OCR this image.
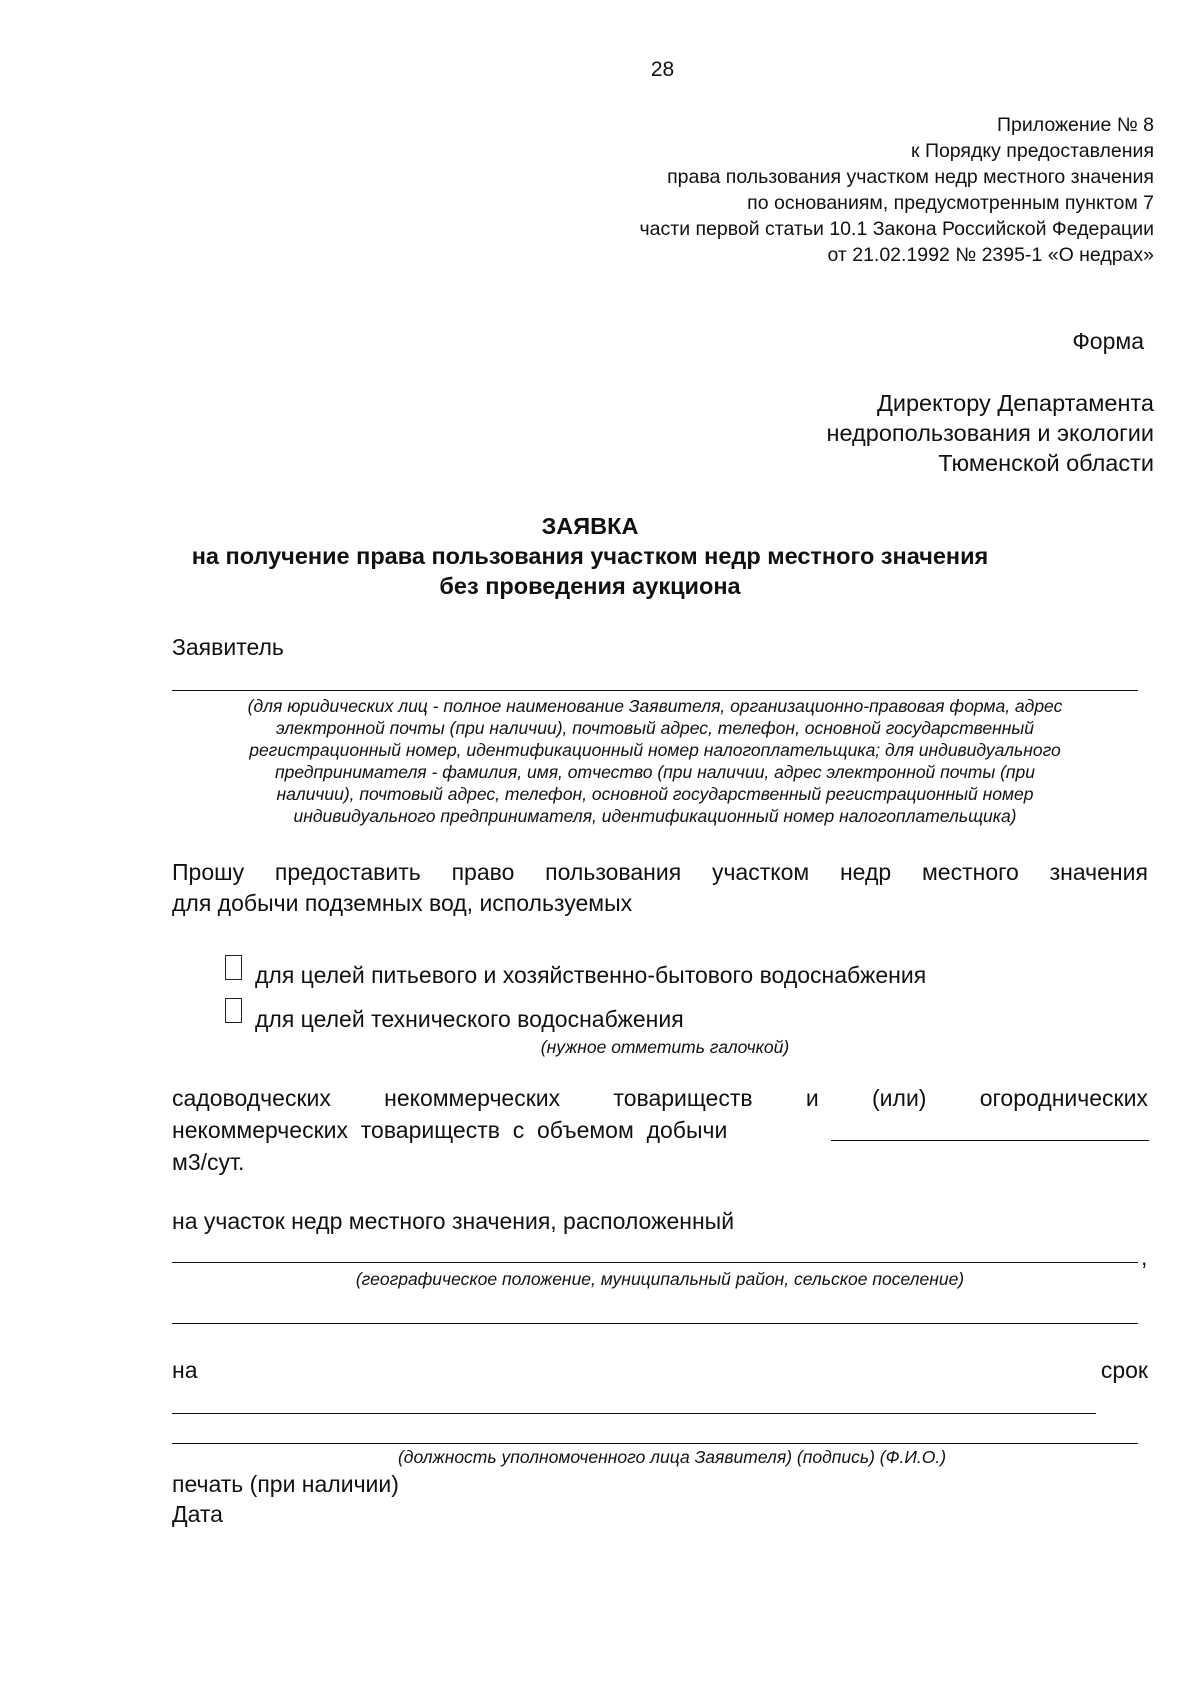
28
Приложение № 8
к Порядку предоставления
права пользования участком недр местного значения
по основаниям, предусмотренным пунктом 7
части первой статьи 10.1 Закона Российской Федерации
от 21.02.1992 № 2395-1 «О недрах»
Форма
Директору Департамента
недропользования и экологии
Тюменской области
ЗАЯВКА
на получение права пользования участком недр местного значения
без проведения аукциона
Заявитель
(для юридических лиц - полное наименование Заявителя, организационно-правовая форма, адрес
электронной почты (при наличии), почтовый адрес, телефон, основной государственный
регистрационный номер, идентификационный номер налогоплательщика; для индивидуального
предпринимателя - фамилия, имя, отчество (при наличии, адрес электронной почты (при
наличии), почтовый адрес, телефон, основной государственный регистрационный номер
индивидуального предпринимателя, идентификационный номер налогоплательщика)
Прошу предоставить право пользования участком недр местного значения
для добычи подземных вод, используемых
для целей питьевого и хозяйственно-бытового водоснабжения
для целей технического водоснабжения
(нужное отметить галочкой)
садоводческих некоммерческих товариществ и (или) огороднических
некоммерческих  товариществ  с  объемом  добычи
м3/сут.
на участок недр местного значения, расположенный
,
(географическое положение, муниципальный район, сельское поселение)
на	срок
(должность уполномоченного лица Заявителя) (подпись) (Ф.И.О.)
печать (при наличии)
Дата
